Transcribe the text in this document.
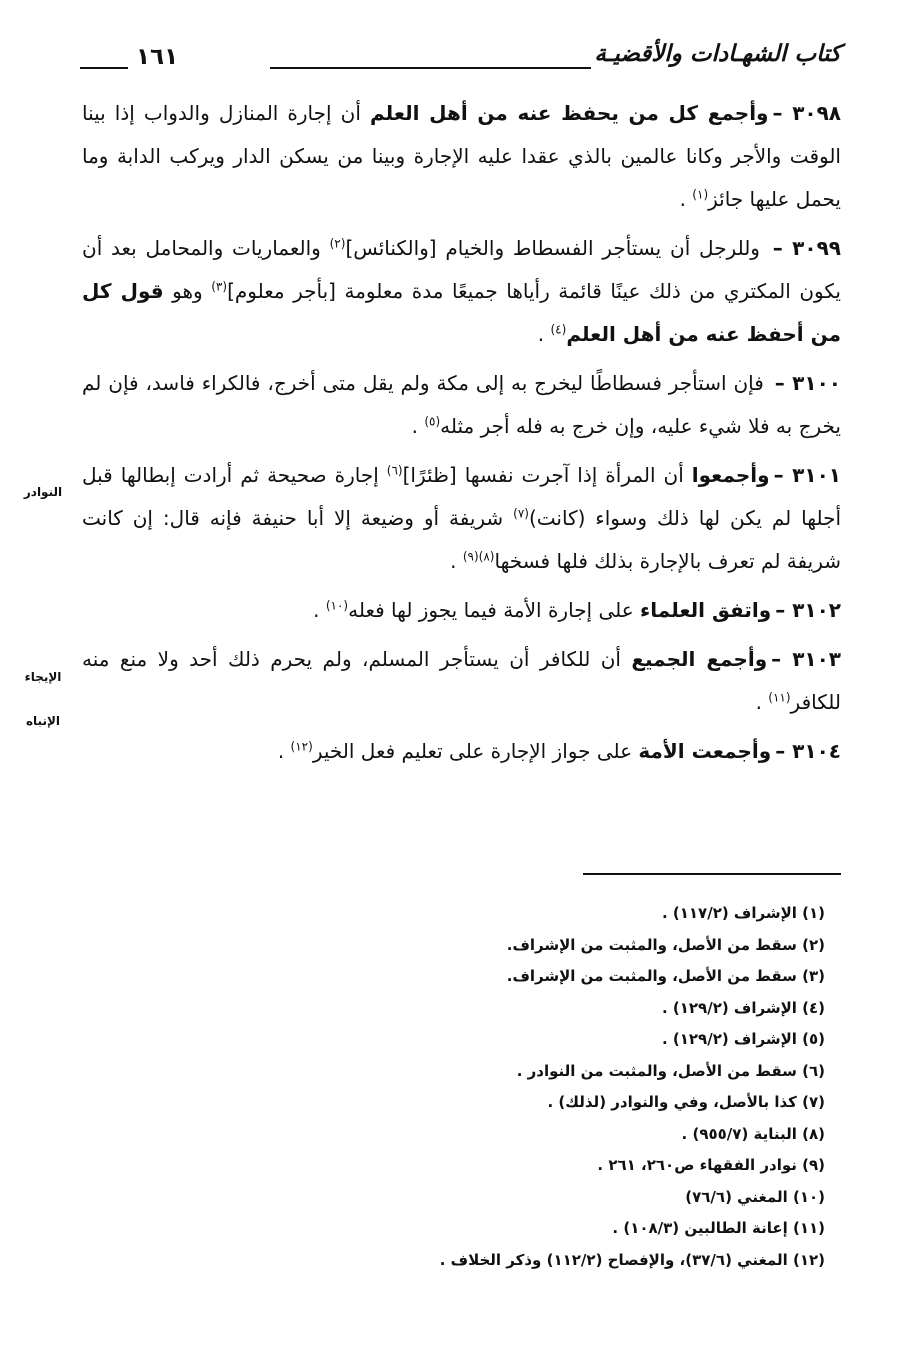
كتاب الشهـادات والأقضيـة
١٦١

٣٠٩٨ –وأجمع كل من يحفظ عنه من أهل العلم أن إجارة المنازل والدواب إذا بينا الوقت والأجر وكانا عالمين بالذي عقدا عليه الإجارة وبينا من يسكن الدار ويركب الدابة وما يحمل عليها جائز$^{(١)}$ .

٣٠٩٩ – وللرجل أن يستأجر الفسطاط والخيام [والكنائس]$^{(٢)}$ والعماريات والمحامل بعد أن يكون المكتري من ذلك عينًا قائمة رأياها جميعًا مدة معلومة [بأجر معلوم]$^{(٣)}$ وهو قول كل من أحفظ عنه من أهل العلم$^{(٤)}$ .

٣١٠٠ – فإن استأجر فسطاطًا ليخرج به إلى مكة ولم يقل متى أخرج، فالكراء فاسد، فإن لم يخرج به فلا شيء عليه، وإن خرج به فله أجر مثله$^{(٥)}$ .

٣١٠١ –وأجمعوا أن المرأة إذا آجرت نفسها [ظئرًا]$^{(٦)}$ إجارة صحيحة ثم أرادت إبطالها قبل أجلها لم يكن لها ذلك وسواء (كانت)$^{(٧)}$ شريفة أو وضيعة إلا أبا حنيفة فإنه قال: إن كانت شريفة لم تعرف بالإجارة بذلك فلها فسخها$^{(٨)(٩)}$ .

٣١٠٢ –واتفق العلماء على إجارة الأمة فيما يجوز لها فعله$^{(١٠)}$ .

٣١٠٣ –وأجمع الجميع أن للكافر أن يستأجر المسلم، ولم يحرم ذلك أحد ولا منع منه للكافر$^{(١١)}$ .

٣١٠٤ –وأجمعت الأمة على جواز الإجارة على تعليم فعل الخير$^{(١٢)}$ .

النوادر
الإيجاء
الإنباه
(١) الإشراف (١١٧/٢) .
(٢) سقط من الأصل، والمثبت من الإشراف.
(٣) سقط من الأصل، والمثبت من الإشراف.
(٤) الإشراف (١٢٩/٢) .
(٥) الإشراف (١٢٩/٢) .
(٦) سقط من الأصل، والمثبت من النوادر .
(٧) كذا بالأصل، وفي والنوادر (لذلك) .
(٨) البناية (٩٥٥/٧) .
(٩) نوادر الفقهاء ص٢٦٠، ٢٦١ .
(١٠) المغني (٧٦/٦)
(١١) إعانة الطالبين (١٠٨/٣) .
(١٢) المغني (٣٧/٦)، والإفصاح (١١٢/٢) وذكر الخلاف .
